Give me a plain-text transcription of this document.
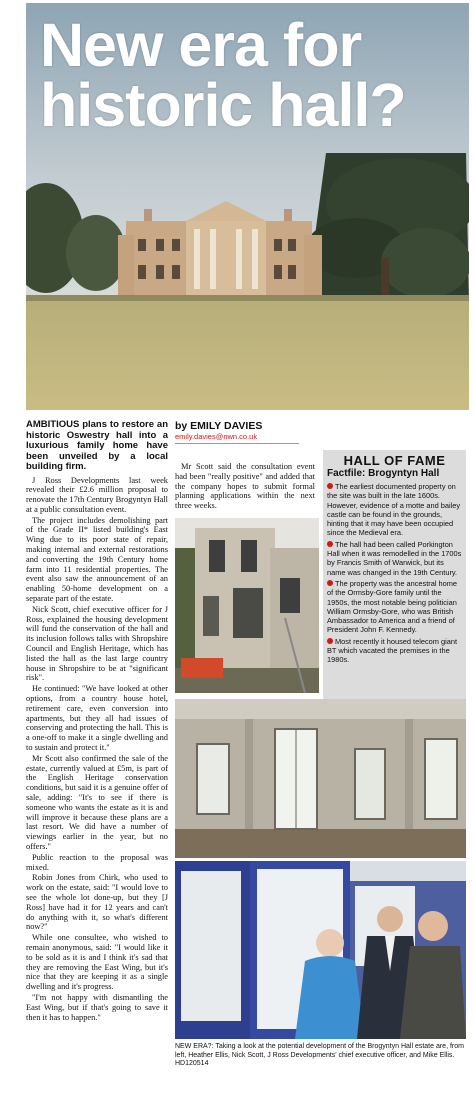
New era for historic hall?

AMBITIOUS plans to restore an historic Oswestry hall into a luxurious family home have been unveiled by a local building firm.

J Ross Developments last week revealed their £2.6 million proposal to renovate the 17th Century Brogyntyn Hall at a public consultation event.

The project includes demolishing part of the Grade II* listed building's East Wing due to its poor state of repair, making internal and external restorations and converting the 19th Century home farm into 11 residential properties. The event also saw the announcement of an enabling 50-home development on a separate part of the estate.

Nick Scott, chief executive officer for J Ross, explained the housing development will fund the conservation of the hall and its inclusion follows talks with Shropshire Council and English Heritage, which has listed the hall as the last large country house in Shropshire to be at "significant risk".

He continued: "We have looked at other options, from a country house hotel, retirement care, even conversion into apartments, but they all had issues of conserving and protecting the hall. This is a one-off to make it a single dwelling and to sustain and protect it."

Mr Scott also confirmed the sale of the estate, currently valued at £5m, is part of the English Heritage conservation conditions, but said it is a genuine offer of sale, adding: "It's to see if there is someone who wants the estate as it is and will improve it because these plans are a last resort. We did have a number of viewings earlier in the year, but no offers."

Public reaction to the proposal was mixed.

Robin Jones from Chirk, who used to work on the estate, said: "I would love to see the whole lot done-up, but they [J Ross] have had it for 12 years and can't do anything with it, so what's different now?"

While one consultee, who wished to remain anonymous, said: "I would like it to be sold as it is and I think it's sad that they are removing the East Wing, but it's nice that they are keeping it as a single dwelling and it's progress.

"I'm not happy with dismantling the East Wing, but if that's going to save it then it has to happen."

by EMILY DAVIES
emily.davies@nwn.co.uk

Mr Scott said the consultation event had been "really positive" and added that the company hopes to submit formal planning applications within the next three weeks.

HALL OF FAME
Factfile: Brogyntyn Hall
The earliest documented property on the site was built in the late 1600s. However, evidence of a motte and bailey castle can be found in the grounds, hinting that it may have been occupied since the Medieval era.
The hall had been called Porkington Hall when it was remodelled in the 1700s by Francis Smith of Warwick, but its name was changed in the 19th Century.
The property was the ancestral home of the Ormsby-Gore family until the 1950s, the most notable being politician William Ormsby-Gore, who was British Ambassador to America and a friend of President John F. Kennedy.
Most recently it housed telecom giant BT which vacated the premises in the 1980s.
NEW ERA?: Taking a look at the potential development of the Brogyntyn Hall estate are, from left, Heather Ellis, Nick Scott, J Ross Developments' chief executive officer, and Mike Ellis. HD120514
